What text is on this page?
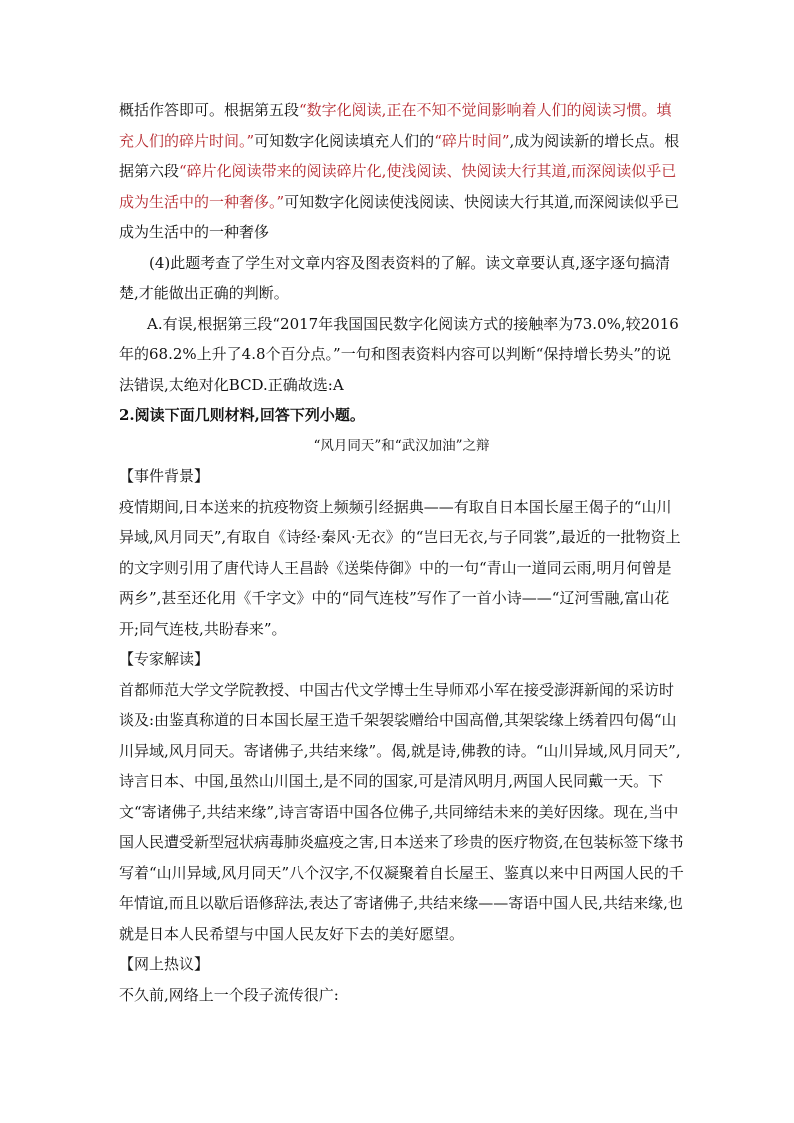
概括作答即可。根据第五段“数字化阅读,正在不知不觉间影响着人们的阅读习惯。填充人们的碎片时间。”可知数字化阅读填充人们的“碎片时间”,成为阅读新的增长点。根据第六段“碎片化阅读带来的阅读碎片化,使浅阅读、快阅读大行其道,而深阅读似乎已成为生活中的一种奢侈。”可知数字化阅读使浅阅读、快阅读大行其道,而深阅读似乎已成为生活中的一种奢侈

(4)此题考查了学生对文章内容及图表资料的了解。读文章要认真,逐字逐句搞清楚,才能做出正确的判断。

A.有误,根据第三段“2017年我国国民数字化阅读方式的接触率为73.0%,较2016年的68.2%上升了4.8个百分点。”一句和图表资料内容可以判断“保持增长势头”的说法错误,太绝对化BCD.正确故选:A

2.阅读下面几则材料,回答下列小题。

“风月同天”和“武汉加油”之辩

【事件背景】

疫情期间,日本送来的抗疫物资上频频引经据典——有取自日本国长屋王偈子的“山川异域,风月同天”,有取自《诗经·秦风·无衣》的“岂曰无衣,与子同裳”,最近的一批物资上的文字则引用了唐代诗人王昌龄《送柴侍御》中的一句“青山一道同云雨,明月何曾是两乡”,甚至还化用《千字文》中的“同气连枝”写作了一首小诗——“辽河雪融,富山花开;同气连枝,共盼春来”。

【专家解读】

首都师范大学文学院教授、中国古代文学博士生导师邓小军在接受澎湃新闻的采访时谈及:由鉴真称道的日本国长屋王造千架袈裟赠给中国高僧,其架裟缘上绣着四句偈“山川异域,风月同天。寄诸佛子,共结来缘”。偈,就是诗,佛教的诗。“山川异域,风月同天”,诗言日本、中国,虽然山川国土,是不同的国家,可是清风明月,两国人民同戴一天。下文“寄诸佛子,共结来缘”,诗言寄语中国各位佛子,共同缔结未来的美好因缘。现在,当中国人民遭受新型冠状病毒肺炎瘟疫之害,日本送来了珍贵的医疗物资,在包装标签下缘书写着“山川异域,风月同天”八个汉字,不仅凝聚着自长屋王、鉴真以来中日两国人民的千年情谊,而且以歇后语修辞法,表达了寄诸佛子,共结来缘——寄语中国人民,共结来缘,也就是日本人民希望与中国人民友好下去的美好愿望。

【网上热议】

不久前,网络上一个段子流传很广:
